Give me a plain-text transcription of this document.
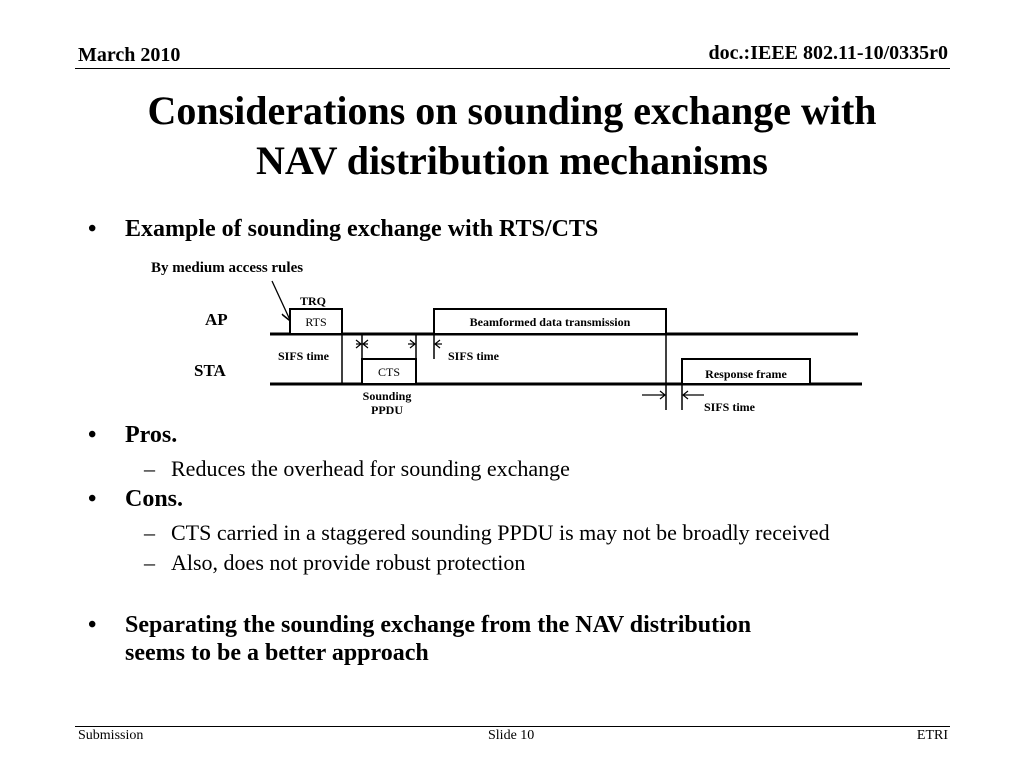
March 2010	doc.:IEEE 802.11-10/0335r0
Considerations on sounding exchange with
NAV distribution mechanisms
• Example of sounding exchange with RTS/CTS
By medium access rules
AP
STA
TRQ
RTS
CTS
Sounding
PPDU
Beamformed data transmission
Response frame
SIFS time	SIFS time
SIFS time
• Pros.
– Reduces the overhead for sounding exchange
• Cons.
– CTS carried in a staggered sounding PPDU is may not be broadly received
– Also, does not provide robust protection
• Separating the sounding exchange from the NAV distribution
seems to be a better approach
Submission	Slide 10	ETRI
